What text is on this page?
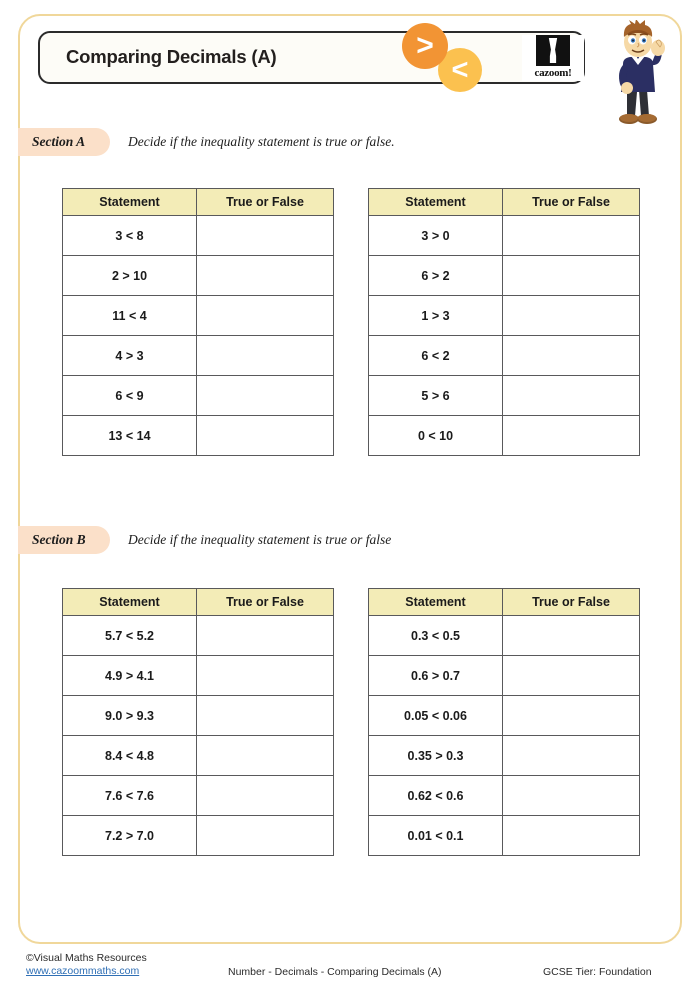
Comparing Decimals (A)	>
<	cazoom!
Section A	Decide if the inequality statement is true or false.
Statement	True or False
3 < 8	
2 > 10	
11 < 4	
4 > 3	
6 < 9	
13 < 14	
Statement	True or False
3 > 0	
6 > 2	
1 > 3	
6 < 2	
5 > 6	
0 < 10	
Section B	Decide if the inequality statement is true or false
Statement	True or False
5.7 < 5.2	
4.9 > 4.1	
9.0 > 9.3	
8.4 < 4.8	
7.6 < 7.6	
7.2 > 7.0	
Statement	True or False
0.3 < 0.5	
0.6 > 0.7	
0.05 < 0.06	
0.35 > 0.3	
0.62 < 0.6	
0.01 < 0.1	
©Visual Maths Resources
www.cazoommaths.com	Number - Decimals - Comparing Decimals (A)	GCSE Tier: Foundation
